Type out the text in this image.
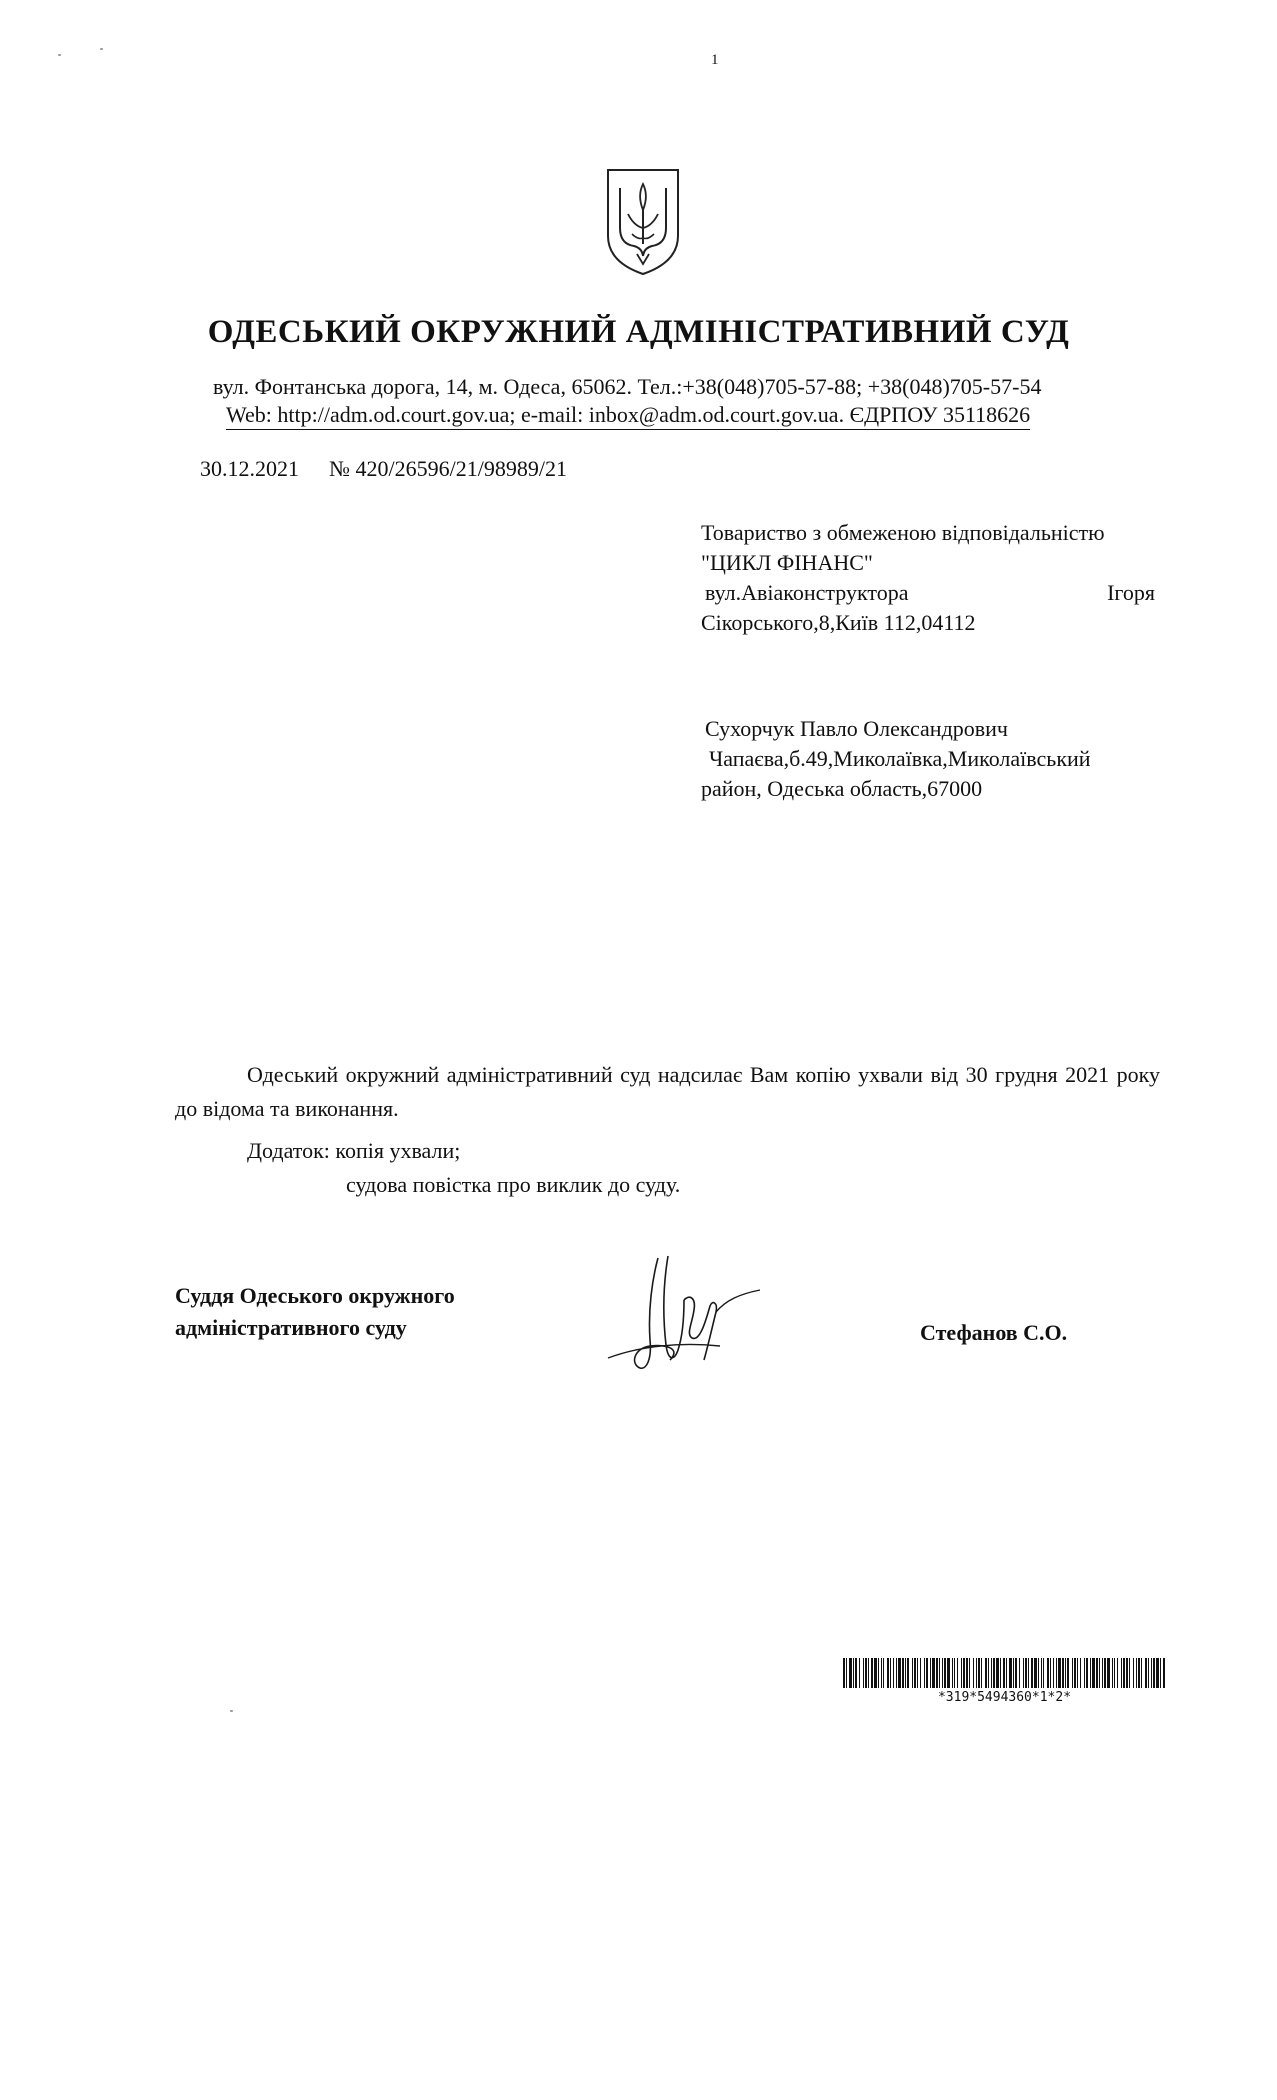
1
ОДЕСЬКИЙ ОКРУЖНИЙ АДМІНІСТРАТИВНИЙ СУД
вул. Фонтанська дорога, 14, м. Одеса, 65062. Тел.:+38(048)705-57-88; +38(048)705-57-54
Web: http://adm.od.court.gov.ua; e-mail: inbox@adm.od.court.gov.ua. ЄДРПОУ 35118626
30.12.2021 № 420/26596/21/98989/21
Товариство з обмеженою відповідальністю
"ЦИКЛ ФІНАНС"
вул.Авіаконструктора	Ігоря
Сікорського,8,Київ 112,04112
Сухорчук Павло Олександрович
Чапаєва,б.49,Миколаївка,Миколаївський
район, Одеська область,67000
Одеський окружний адміністративний суд надсилає Вам копію ухвали від 30 грудня 2021 року до відома та виконання.
Додаток: копія ухвали;
судова повістка про виклик до суду.
Суддя Одеського окружного
адміністративного суду	Стефанов С.О.
*319*5494360*1*2*
